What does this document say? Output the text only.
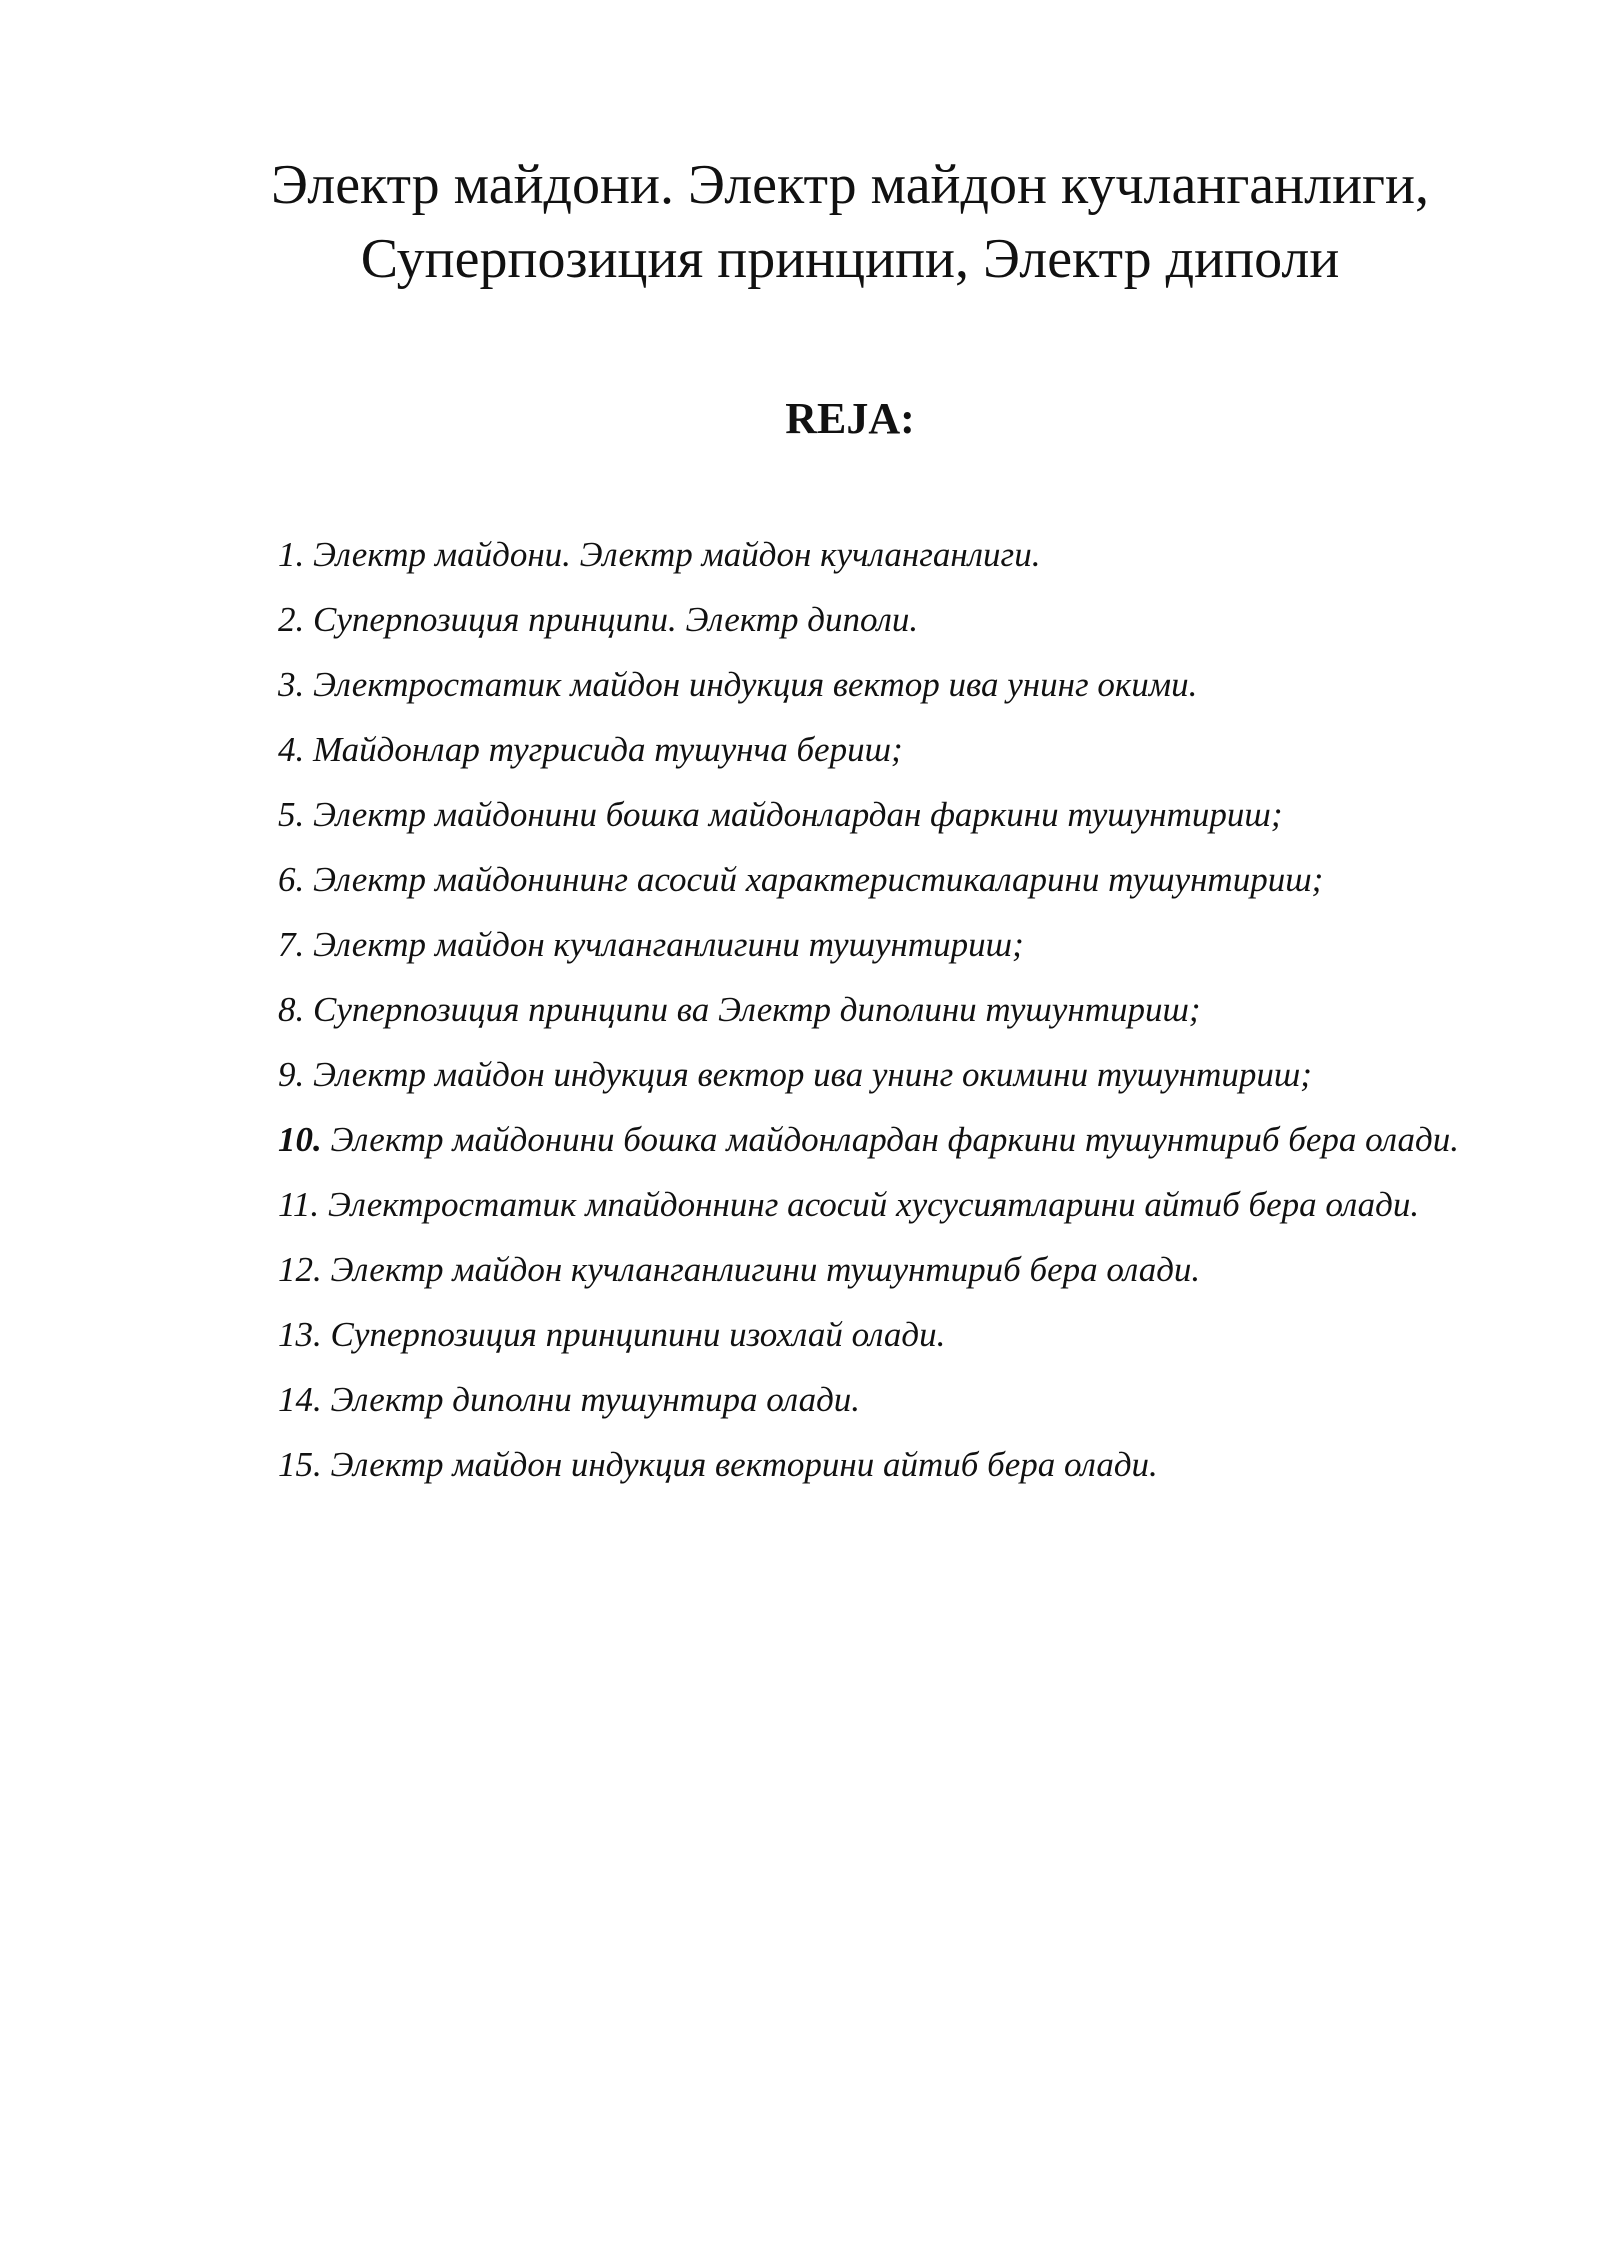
Электр майдони. Электр майдон кучланганлиги,
Суперпозиция принципи, Электр диполи
REJA:
1. Электр майдони. Электр майдон кучланганлиги.
2. Суперпозиция принципи. Электр диполи.
3. Электростатик майдон индукция вектор ива унинг окими.
4. Майдонлар тугрисида тушунча бериш;
5. Электр майдонини бошка майдонлардан фаркини тушунтириш;
6. Электр майдонининг асосий характеристикаларини тушунтириш;
7. Электр майдон кучланганлигини тушунтириш;
8. Суперпозиция принципи ва Электр диполини тушунтириш;
9. Электр майдон индукция вектор ива унинг окимини тушунтириш;
10. Электр майдонини бошка майдонлардан фаркини тушунтириб бера олади.
11. Электростатик мпайдоннинг асосий хусусиятларини айтиб бера олади.
12. Электр майдон кучланганлигини тушунтириб бера олади.
13. Суперпозиция принципини изохлай олади.
14. Электр диполни тушунтира олади.
15. Электр майдон индукция векторини айтиб бера олади.
